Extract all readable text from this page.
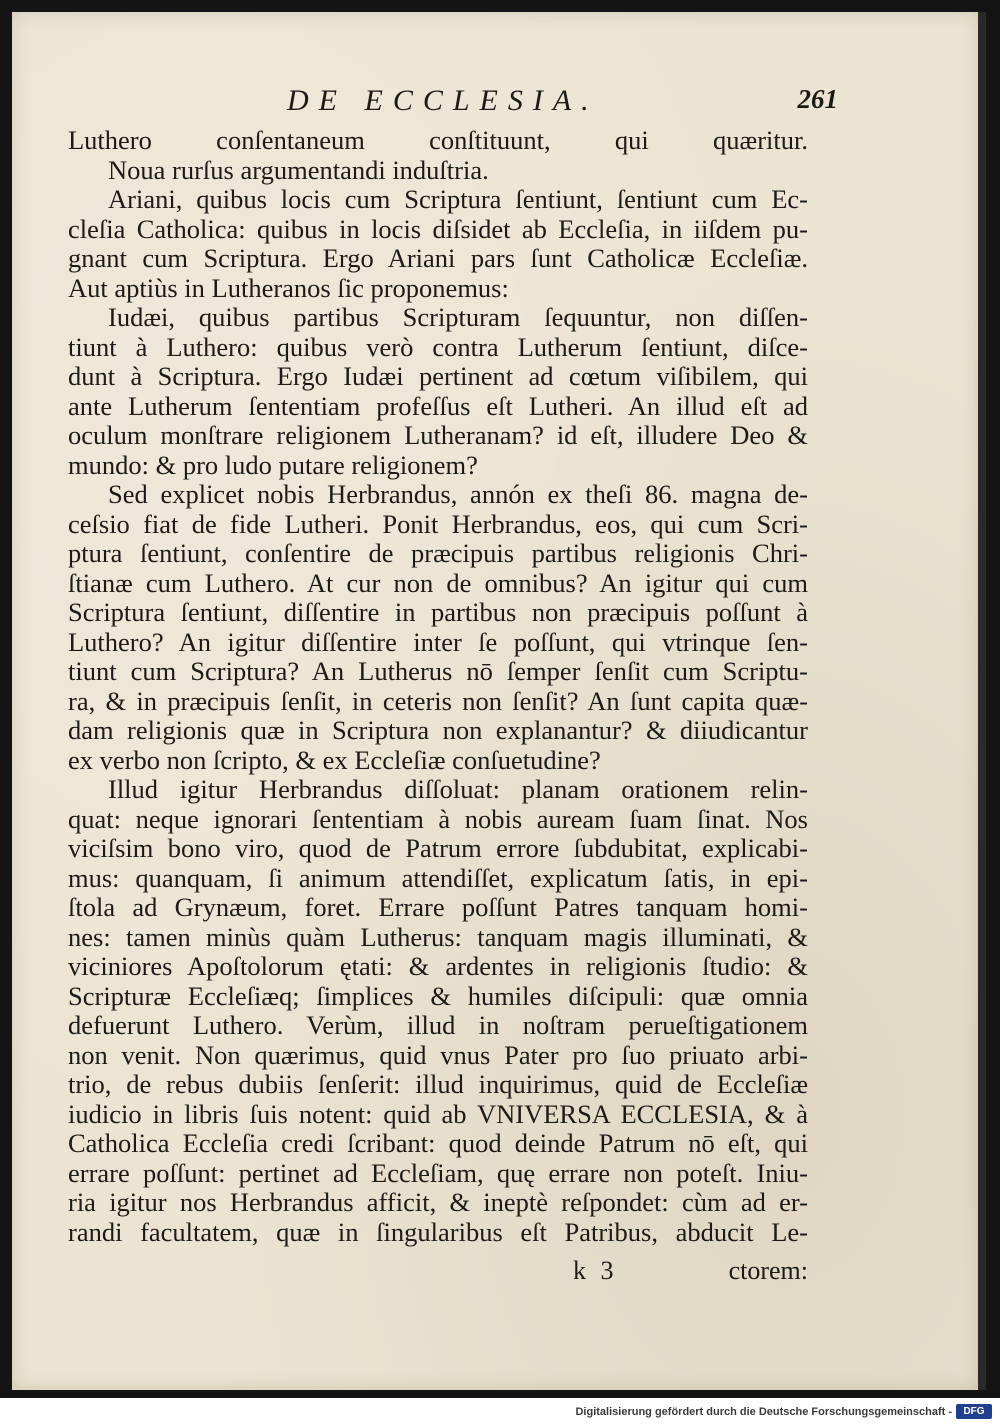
DE ECCLESIA.	261
Luthero conſentaneum conſtituunt, qui quæritur.
Noua rurſus argumentandi induſtria.
Ariani, quibus locis cum Scriptura ſentiunt, ſentiunt cum Ec-
cleſia Catholica: quibus in locis diſsidet ab Eccleſia, in iiſdem pu-
gnant cum Scriptura. Ergo Ariani pars ſunt Catholicæ Eccleſiæ.
Aut aptiùs in Lutheranos ſic proponemus:
Iudæi, quibus partibus Scripturam ſequuntur, non diſſen-
tiunt à Luthero: quibus verò contra Lutherum ſentiunt, diſce-
dunt à Scriptura. Ergo Iudæi pertinent ad cœtum viſibilem, qui
ante Lutherum ſententiam profeſſus eſt Lutheri. An illud eſt ad
oculum monſtrare religionem Lutheranam? id eſt, illudere Deo &
mundo: & pro ludo putare religionem?
Sed explicet nobis Herbrandus, annón ex theſi 86. magna de-
ceſsio fiat de fide Lutheri. Ponit Herbrandus, eos, qui cum Scri-
ptura ſentiunt, conſentire de præcipuis partibus religionis Chri-
ſtianæ cum Luthero. At cur non de omnibus? An igitur qui cum
Scriptura ſentiunt, diſſentire in partibus non præcipuis poſſunt à
Luthero? An igitur diſſentire inter ſe poſſunt, qui vtrinque ſen-
tiunt cum Scriptura? An Lutherus nō ſemper ſenſit cum Scriptu-
ra, & in præcipuis ſenſit, in ceteris non ſenſit? An ſunt capita quæ-
dam religionis quæ in Scriptura non explanantur? & diiudicantur
ex verbo non ſcripto, & ex Eccleſiæ conſuetudine?
Illud igitur Herbrandus diſſoluat: planam orationem relin-
quat: neque ignorari ſententiam à nobis auream ſuam ſinat. Nos
viciſsim bono viro, quod de Patrum errore ſubdubitat, explicabi-
mus: quanquam, ſi animum attendiſſet, explicatum ſatis, in epi-
ſtola ad Grynæum, foret. Errare poſſunt Patres tanquam homi-
nes: tamen minùs quàm Lutherus: tanquam magis illuminati, &
viciniores Apoſtolorum ętati: & ardentes in religionis ſtudio: &
Scripturæ Eccleſiæq; ſimplices & humiles diſcipuli: quæ omnia
defuerunt Luthero. Verùm, illud in noſtram perueſtigationem
non venit. Non quærimus, quid vnus Pater pro ſuo priuato arbi-
trio, de rebus dubiis ſenſerit: illud inquirimus, quid de Eccleſiæ
iudicio in libris ſuis notent: quid ab VNIVERSA ECCLESIA, & à
Catholica Eccleſia credi ſcribant: quod deinde Patrum nō eſt, qui
errare poſſunt: pertinet ad Eccleſiam, quę errare non poteſt. Iniu-
ria igitur nos Herbrandus afficit, & ineptè reſpondet: cùm ad er-
randi facultatem, quæ in ſingularibus eſt Patribus, abducit Le-
k 3	ctorem:
Digitalisierung gefördert durch die Deutsche Forschungsgemeinschaft -	DFG
